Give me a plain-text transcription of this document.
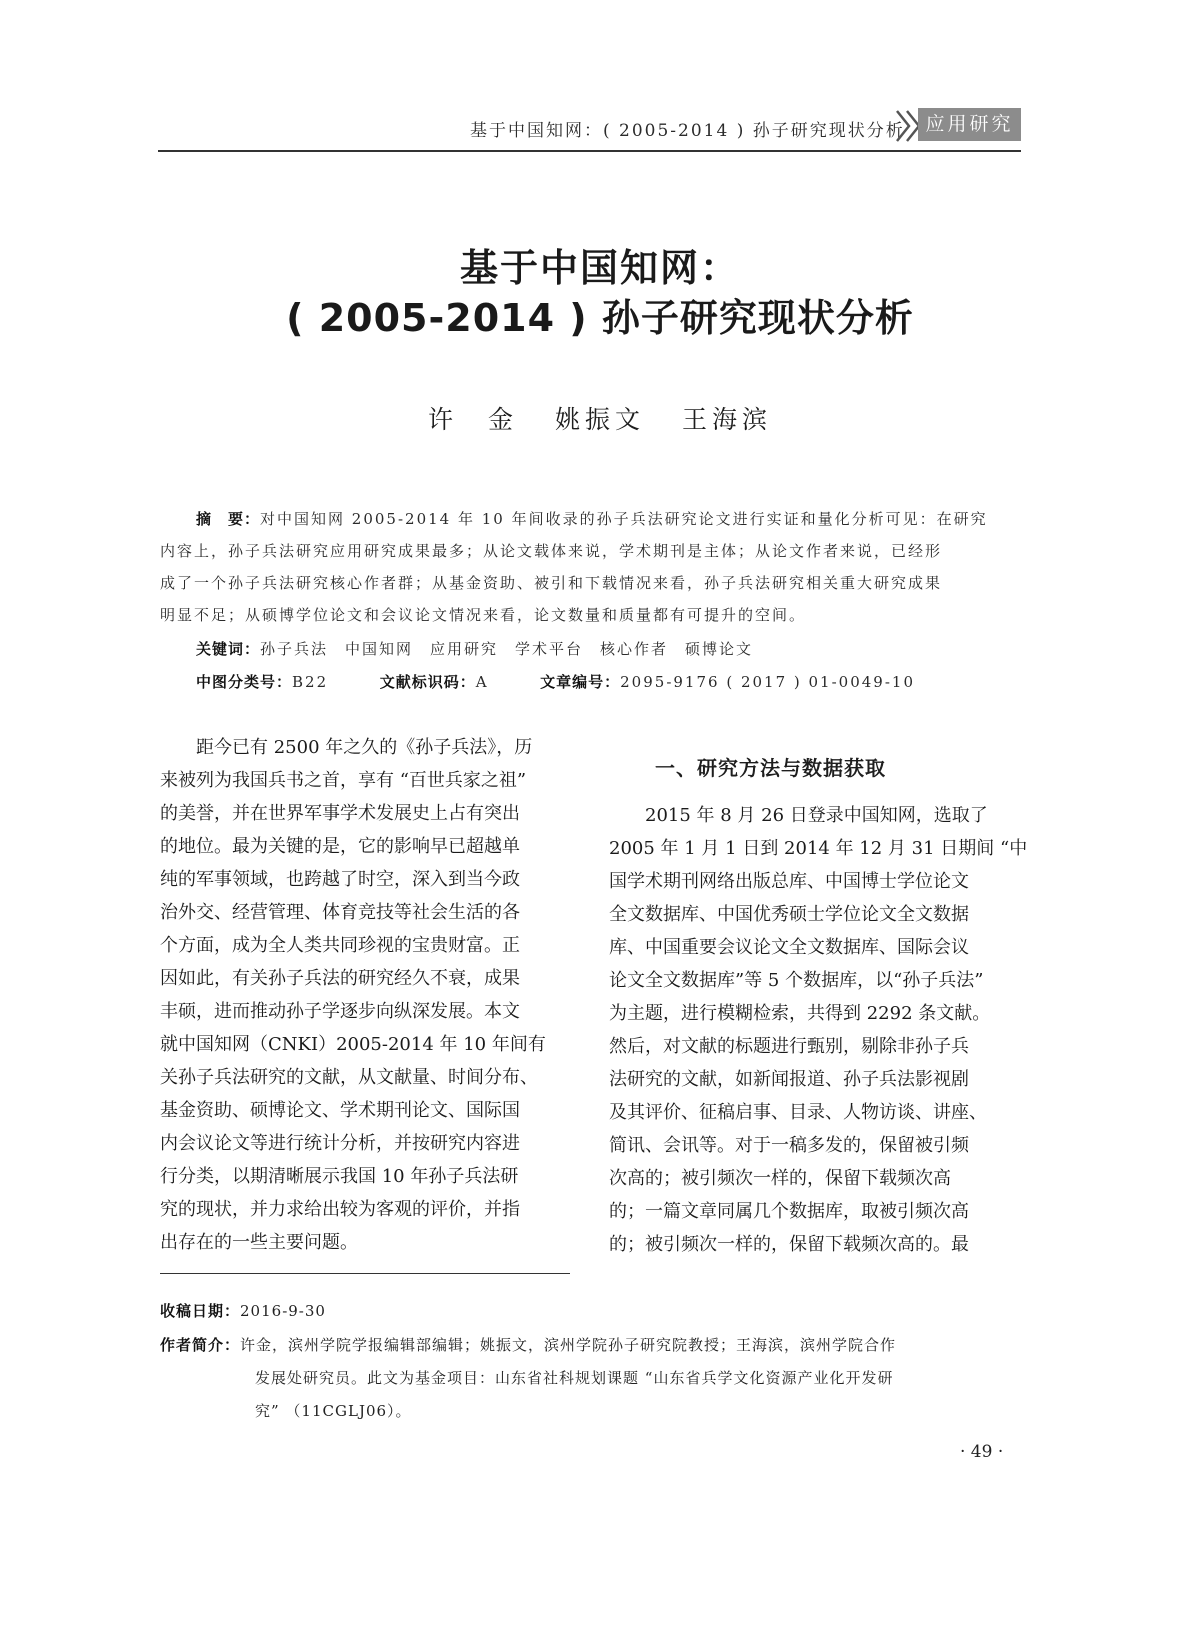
基于中国知网：( 2005-2014 ) 孙子研究现状分析	应用研究
基于中国知网：
( 2005-2014 ) 孙子研究现状分析
许　金 姚振文 王海滨
摘　要：对中国知网 2005-2014 年 10 年间收录的孙子兵法研究论文进行实证和量化分析可见：在研究
内容上，孙子兵法研究应用研究成果最多；从论文载体来说，学术期刊是主体；从论文作者来说，已经形
成了一个孙子兵法研究核心作者群；从基金资助、被引和下载情况来看，孙子兵法研究相关重大研究成果
明显不足；从硕博学位论文和会议论文情况来看，论文数量和质量都有可提升的空间。
关键词：孙子兵法　中国知网　应用研究　学术平台　核心作者　硕博论文
中图分类号：B22	文献标识码：A	文章编号：2095-9176 ( 2017 ) 01-0049-10
　　距今已有 2500 年之久的《孙子兵法》，历
来被列为我国兵书之首，享有 “百世兵家之祖”
的美誉，并在世界军事学术发展史上占有突出
的地位。最为关键的是，它的影响早已超越单
纯的军事领域，也跨越了时空，深入到当今政
治外交、经营管理、体育竞技等社会生活的各
个方面，成为全人类共同珍视的宝贵财富。正
因如此，有关孙子兵法的研究经久不衰，成果
丰硕，进而推动孙子学逐步向纵深发展。本文
就中国知网（CNKI）2005-2014 年 10 年间有
关孙子兵法研究的文献，从文献量、时间分布、
基金资助、硕博论文、学术期刊论文、国际国
内会议论文等进行统计分析，并按研究内容进
行分类，以期清晰展示我国 10 年孙子兵法研
究的现状，并力求给出较为客观的评价，并指
出存在的一些主要问题。
一、研究方法与数据获取
　　2015 年 8 月 26 日登录中国知网，选取了
2005 年 1 月 1 日到 2014 年 12 月 31 日期间 “中
国学术期刊网络出版总库、中国博士学位论文
全文数据库、中国优秀硕士学位论文全文数据
库、中国重要会议论文全文数据库、国际会议
论文全文数据库”等 5 个数据库，以“孙子兵法”
为主题，进行模糊检索，共得到 2292 条文献。
然后，对文献的标题进行甄别，剔除非孙子兵
法研究的文献，如新闻报道、孙子兵法影视剧
及其评价、征稿启事、目录、人物访谈、讲座、
简讯、会讯等。对于一稿多发的，保留被引频
次高的；被引频次一样的，保留下载频次高
的；一篇文章同属几个数据库，取被引频次高
的；被引频次一样的，保留下载频次高的。最
收稿日期：2016-9-30
作者简介：许金，滨州学院学报编辑部编辑；姚振文，滨州学院孙子研究院教授；王海滨，滨州学院合作
发展处研究员。此文为基金项目：山东省社科规划课题 “山东省兵学文化资源产业化开发研
究” （11CGLJ06）。
· 49 ·
